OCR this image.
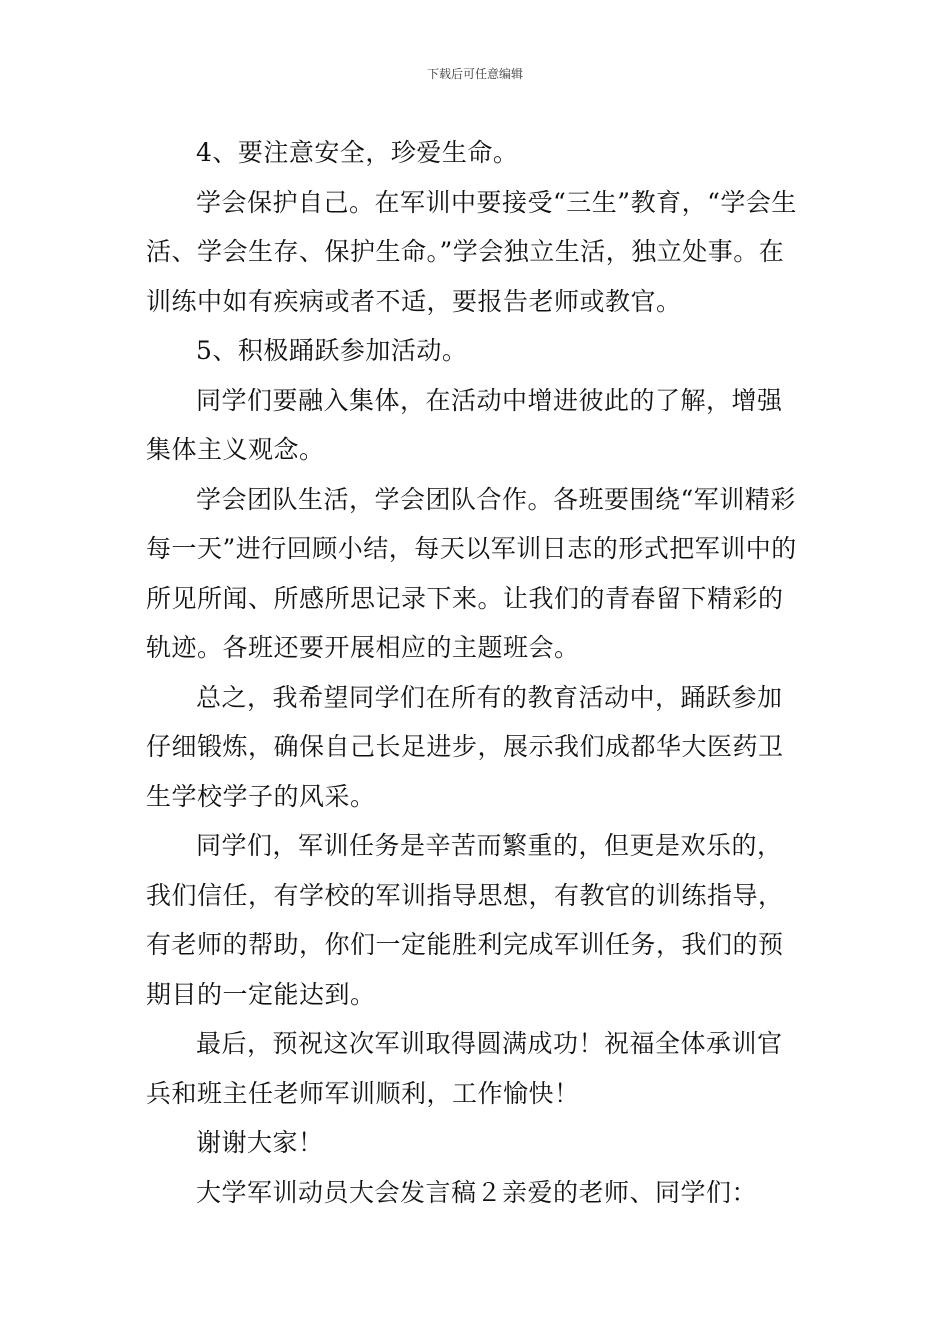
下载后可任意编辑

4、要注意安全，珍爱生命。

学会保护自己。在军训中要接受“三生”教育，“学会生活、学会生存、保护生命。”学会独立生活，独立处事。在训练中如有疾病或者不适，要报告老师或教官。

5、积极踊跃参加活动。

同学们要融入集体，在活动中增进彼此的了解，增强集体主义观念。

学会团队生活，学会团队合作。各班要围绕“军训精彩每一天”进行回顾小结，每天以军训日志的形式把军训中的所见所闻、所感所思记录下来。让我们的青春留下精彩的轨迹。各班还要开展相应的主题班会。

总之，我希望同学们在所有的教育活动中，踊跃参加仔细锻炼，确保自己长足进步，展示我们成都华大医药卫生学校学子的风采。

同学们，军训任务是辛苦而繁重的，但更是欢乐的，我们信任，有学校的军训指导思想，有教官的训练指导，有老师的帮助，你们一定能胜利完成军训任务，我们的预期目的一定能达到。

最后，预祝这次军训取得圆满成功！祝福全体承训官兵和班主任老师军训顺利，工作愉快！

谢谢大家！

大学军训动员大会发言稿２亲爱的老师、同学们：
